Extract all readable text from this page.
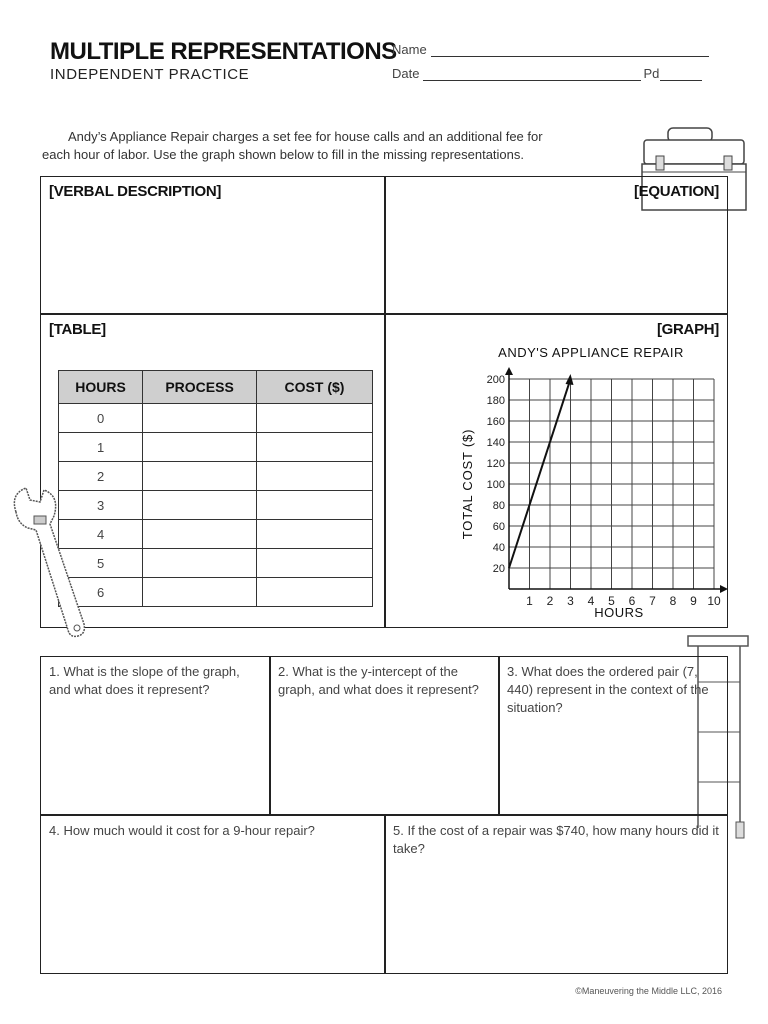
MULTIPLE REPRESENTATIONS
INDEPENDENT PRACTICE
Name
Date	Pd
Andy’s Appliance Repair charges a set fee for house calls and an additional fee for
each hour of labor. Use the graph shown below to fill in the missing representations.
[VERBAL DESCRIPTION]	[EQUATION]
[TABLE]	[GRAPH]
HOURS	PROCESS	COST ($)
0		
1		
2		
3		
4		
5		
6		
1 2 3 4 5 6 7 8 9 10
20
40
60
80
100
120
140
160
180
200
ANDY'S APPLIANCE REPAIR
HOURS
TOTAL COST ($)
1. What is the slope of the graph, and what does it represent?
2. What is the y-intercept of the graph, and what does it represent?
3. What does the ordered pair (7, 440) represent in the context of the situation?
4. How much would it cost for a 9-hour repair?	5. If the cost of a repair was $740, how many hours did it take?
©Maneuvering the Middle LLC, 2016
